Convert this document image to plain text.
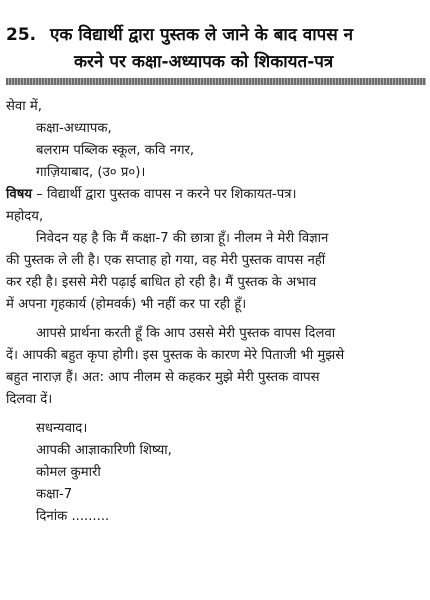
25. एक विद्यार्थी द्वारा पुस्तक ले जाने के बाद वापस न
करने पर कक्षा-अध्यापक को शिकायत-पत्र
सेवा में,
कक्षा-अध्यापक,
बलराम पब्लिक स्कूल, कवि नगर,
गाज़ियाबाद, (उ० प्र०)।
विषय – विद्यार्थी द्वारा पुस्तक वापस न करने पर शिकायत-पत्र।
महोदय,
निवेदन यह है कि मैं कक्षा-7 की छात्रा हूँ। नीलम ने मेरी विज्ञान
की पुस्तक ले ली है। एक सप्ताह हो गया, वह मेरी पुस्तक वापस नहीं
कर रही है। इससे मेरी पढ़ाई बाधित हो रही है। मैं पुस्तक के अभाव
में अपना गृहकार्य (होमवर्क) भी नहीं कर पा रही हूँ।
आपसे प्रार्थना करती हूँ कि आप उससे मेरी पुस्तक वापस दिलवा
दें। आपकी बहुत कृपा होगी। इस पुस्तक के कारण मेरे पिताजी भी मुझसे
बहुत नाराज़ हैं। अत: आप नीलम से कहकर मुझे मेरी पुस्तक वापस
दिलवा दें।
सधन्यवाद।
आपकी आज्ञाकारिणी शिष्या,
कोमल कुमारी
कक्षा-7
दिनांक .........
